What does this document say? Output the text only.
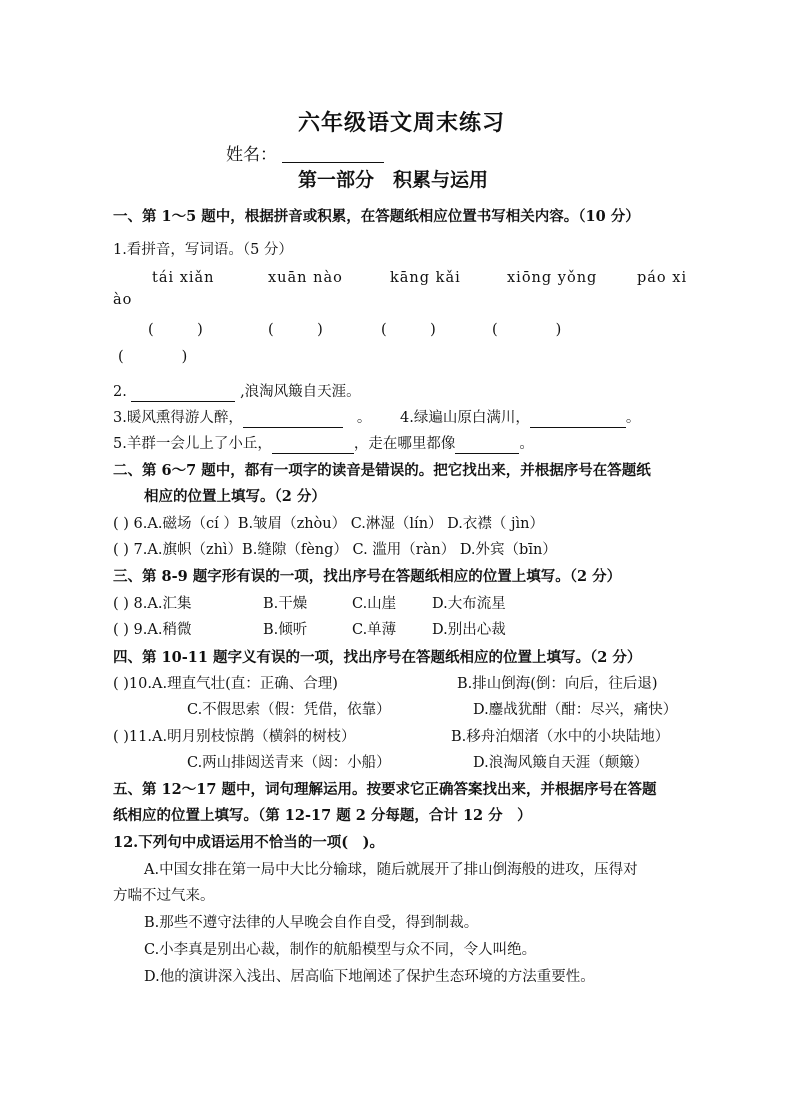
六年级语文周末练习
姓名：
第一部分　积累与运用
一、第 1～5 题中，根据拼音或积累，在答题纸相应位置书写相关内容。（10 分）
1.看拼音，写词语。（5 分）
tái xiǎn	xuān nào	kāng kǎi	xiōng yǒng	páo xi
ào
(　　　)	(　　　)	(　　　)	(　　　　)
(　　　　)
2.	,浪淘风簸自天涯。
3.暖风熏得游人醉，	。 4.绿遍山原白满川，	。
5.羊群一会儿上了小丘，	，走在哪里都像	。
二、第 6～7 题中，都有一项字的读音是错误的。把它找出来，并根据序号在答题纸
相应的位置上填写。（2 分）
( ) 6.A.磁场（cí ）B.皱眉（zhòu） C.淋湿（lín） D.衣襟（ jìn）
( ) 7.A.旗帜（zhì）B.缝隙（fèng） C. 滥用（ràn） D.外宾（bīn）
三、第 8-9 题字形有误的一项，找出序号在答题纸相应的位置上填写。（2 分）
( ) 8.A.汇集	B.干燥	C.山崖 D.大布流星
( ) 9.A.稍微	B.倾听	C.单薄 D.别出心裁
四、第 10-11 题字义有误的一项，找出序号在答题纸相应的位置上填写。（2 分）
( )10.A.理直气壮(直：正确、合理)	B.排山倒海(倒：向后，往后退)
C.不假思索（假：凭借，依靠）	D.鏖战犹酣（酣：尽兴，痛快）
( )11.A.明月别枝惊鹊（横斜的树枝）	B.移舟泊烟渚（水中的小块陆地）
C.两山排闼送青来（闼：小船）	D.浪淘风簸自天涯（颠簸）
五、第 12～17 题中，词句理解运用。按要求它正确答案找出来，并根据序号在答题
纸相应的位置上填写。（第 12-17 题 2 分每题，合计 12 分　）
12.下列句中成语运用不恰当的一项(　)。
A.中国女排在第一局中大比分输球，随后就展开了排山倒海般的进攻，压得对
方喘不过气来。
B.那些不遵守法律的人早晚会自作自受，得到制裁。
C.小李真是别出心裁，制作的航船模型与众不同，令人叫绝。
D.他的演讲深入浅出、居高临下地阐述了保护生态环境的方法重要性。
